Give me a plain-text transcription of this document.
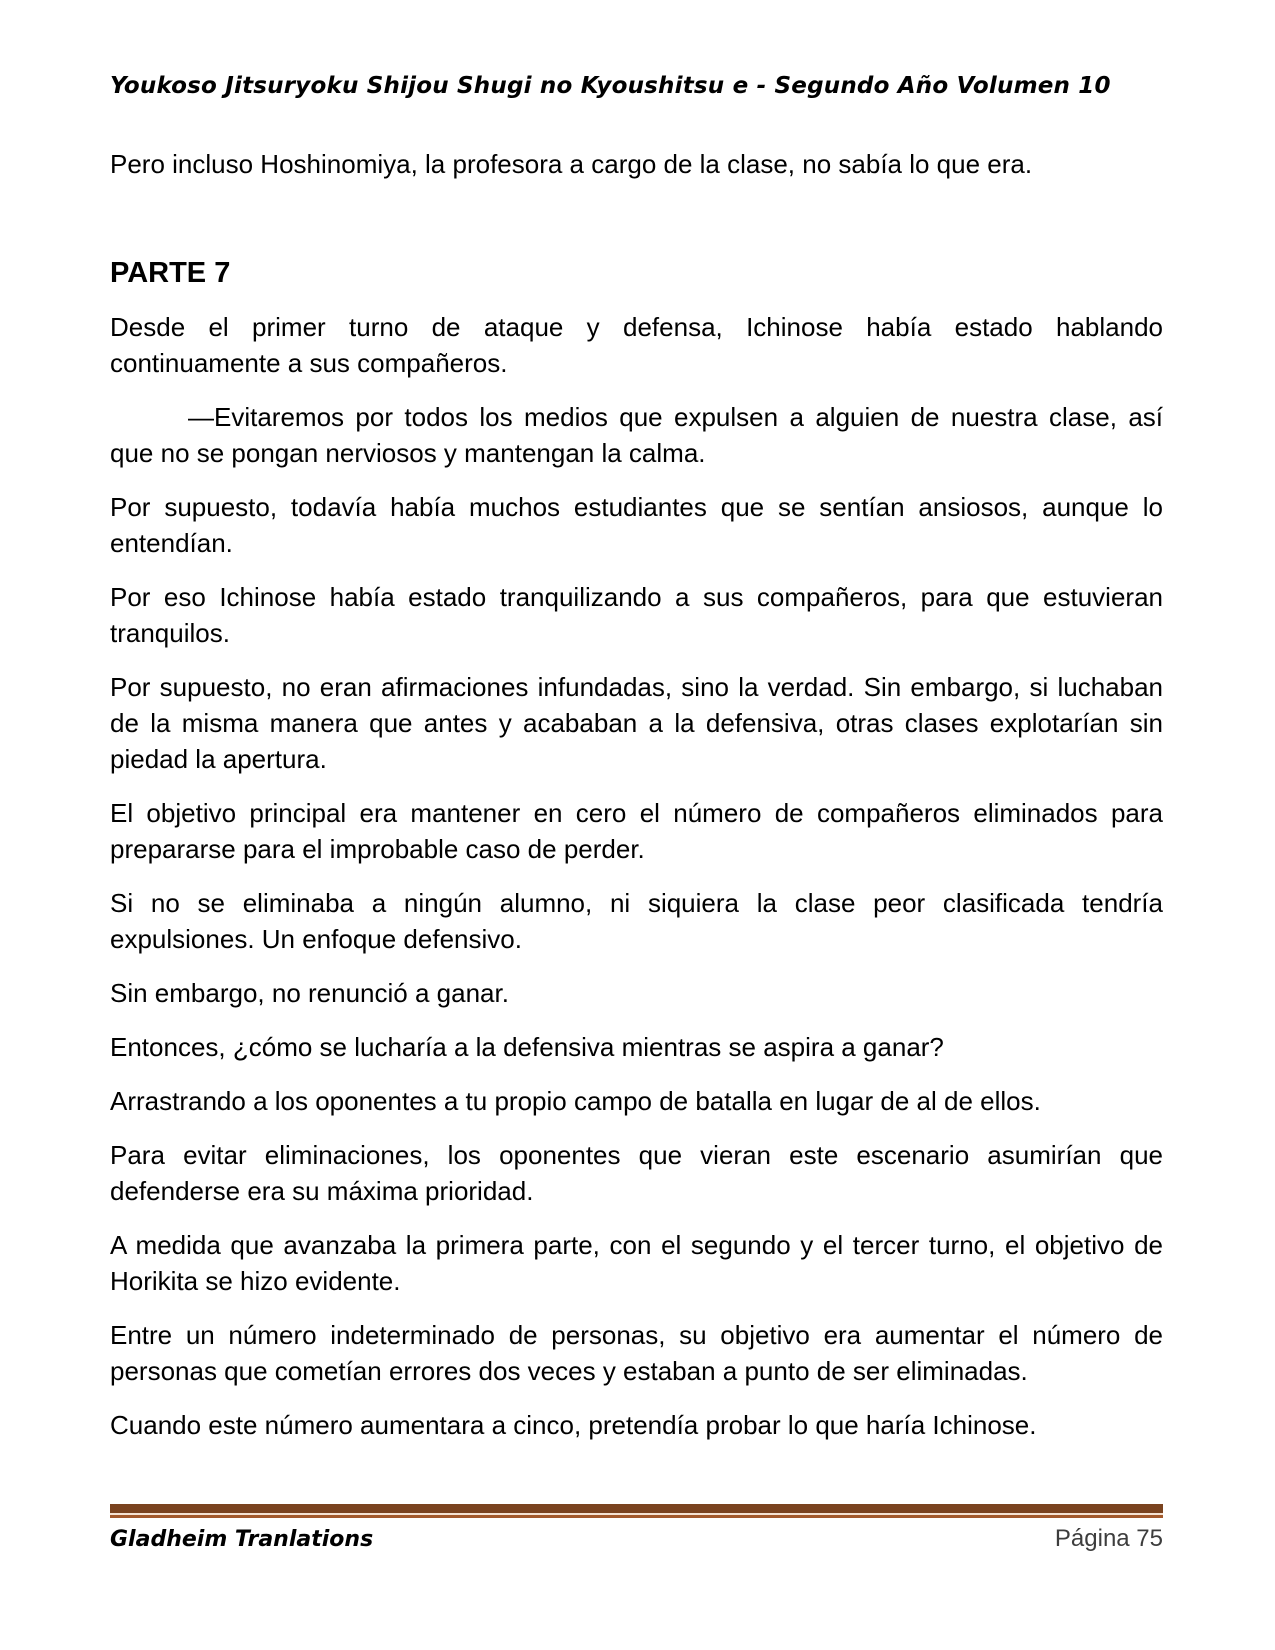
Youkoso Jitsuryoku Shijou Shugi no Kyoushitsu e - Segundo Año Volumen 10
Pero incluso Hoshinomiya, la profesora a cargo de la clase, no sabía lo que era.
PARTE 7

Desde el primer turno de ataque y defensa, Ichinose había estado hablando continuamente a sus compañeros.

—Evitaremos por todos los medios que expulsen a alguien de nuestra clase, así que no se pongan nerviosos y mantengan la calma.

Por supuesto, todavía había muchos estudiantes que se sentían ansiosos, aunque lo entendían.

Por eso Ichinose había estado tranquilizando a sus compañeros, para que estuvieran tranquilos.

Por supuesto, no eran afirmaciones infundadas, sino la verdad. Sin embargo, si luchaban de la misma manera que antes y acababan a la defensiva, otras clases explotarían sin piedad la apertura.

El objetivo principal era mantener en cero el número de compañeros eliminados para prepararse para el improbable caso de perder.

Si no se eliminaba a ningún alumno, ni siquiera la clase peor clasificada tendría expulsiones. Un enfoque defensivo.

Sin embargo, no renunció a ganar.

Entonces, ¿cómo se lucharía a la defensiva mientras se aspira a ganar?

Arrastrando a los oponentes a tu propio campo de batalla en lugar de al de ellos.

Para evitar eliminaciones, los oponentes que vieran este escenario asumirían que defenderse era su máxima prioridad.

A medida que avanzaba la primera parte, con el segundo y el tercer turno, el objetivo de Horikita se hizo evidente.

Entre un número indeterminado de personas, su objetivo era aumentar el número de personas que cometían errores dos veces y estaban a punto de ser eliminadas.

Cuando este número aumentara a cinco, pretendía probar lo que haría Ichinose.

Gladheim Tranlations	Página 75
